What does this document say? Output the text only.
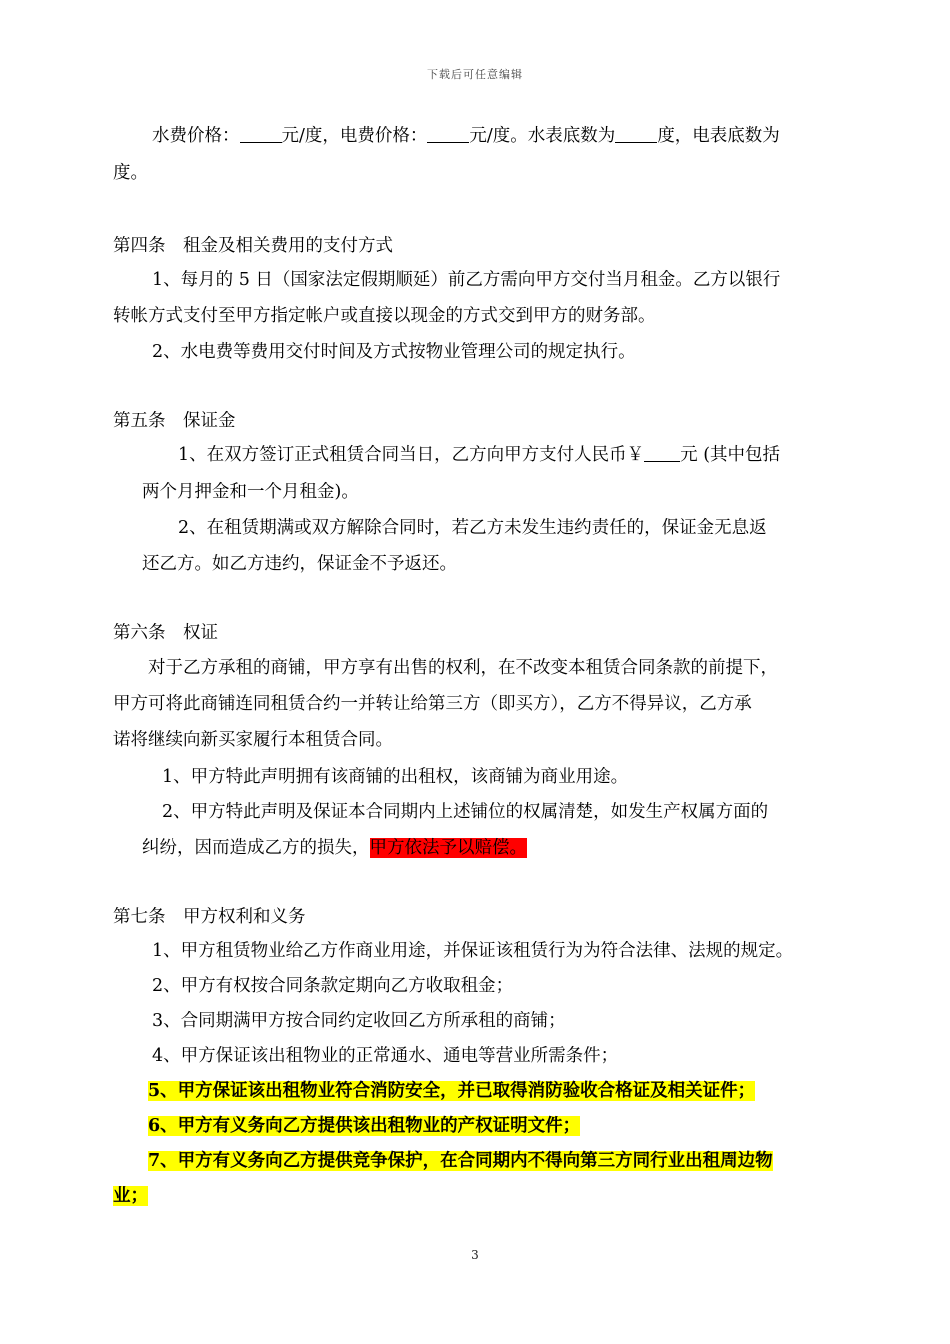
下载后可任意编辑
水费价格： 元/度，电费价格： 元/度。水表底数为 度，电表底数为
度。
第四条　租金及相关费用的支付方式
1、每月的 5 日（国家法定假期顺延）前乙方需向甲方交付当月租金。乙方以银行
转帐方式支付至甲方指定帐户或直接以现金的方式交到甲方的财务部。
2、水电费等费用交付时间及方式按物业管理公司的规定执行。
第五条　保证金
1、在双方签订正式租赁合同当日，乙方向甲方支付人民币￥ 元 (其中包括
两个月押金和一个月租金)。
2、在租赁期满或双方解除合同时，若乙方未发生违约责任的，保证金无息返
还乙方。如乙方违约，保证金不予返还。
第六条　权证
对于乙方承租的商铺，甲方享有出售的权利，在不改变本租赁合同条款的前提下，
甲方可将此商铺连同租赁合约一并转让给第三方（即买方），乙方不得异议，乙方承
诺将继续向新买家履行本租赁合同。
1、甲方特此声明拥有该商铺的出租权，该商铺为商业用途。
2、甲方特此声明及保证本合同期内上述铺位的权属清楚，如发生产权属方面的
纠纷，因而造成乙方的损失，甲方依法予以赔偿。
第七条　甲方权利和义务
1、甲方租赁物业给乙方作商业用途，并保证该租赁行为为符合法律、法规的规定。
2、甲方有权按合同条款定期向乙方收取租金；
3、合同期满甲方按合同约定收回乙方所承租的商铺；
4、甲方保证该出租物业的正常通水、通电等营业所需条件；
5、甲方保证该出租物业符合消防安全，并已取得消防验收合格证及相关证件；
6、甲方有义务向乙方提供该出租物业的产权证明文件；
7、甲方有义务向乙方提供竞争保护，在合同期内不得向第三方同行业出租周边物
业；
3
